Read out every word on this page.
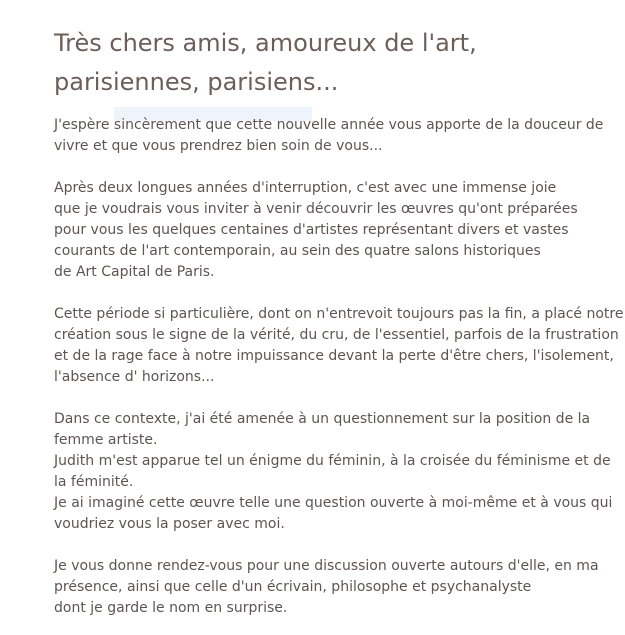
Très chers amis, amoureux de l'art,
parisiennes, parisiens...

J'espère sincèrement que cette nouvelle année vous apporte de la douceur de
vivre et que vous prendrez bien soin de vous...

Après deux longues années d'interruption, c'est avec une immense joie
que je voudrais vous inviter à venir découvrir les œuvres qu'ont préparées
pour vous les quelques centaines d'artistes représentant divers et vastes
courants de l'art contemporain, au sein des quatre salons historiques
de Art Capital de Paris.

Cette période si particulière, dont on n'entrevoit toujours pas la fin, a placé notre
création sous le signe de la vérité, du cru, de l'essentiel, parfois de la frustration
et de la rage face à notre impuissance devant la perte d'être chers, l'isolement,
l'absence d' horizons...

Dans ce contexte, j'ai été amenée à un questionnement sur la position de la
femme artiste.
Judith m'est apparue tel un énigme du féminin, à la croisée du féminisme et de
la féminité.
Je ai imaginé cette œuvre telle une question ouverte à moi-même et à vous qui
voudriez vous la poser avec moi.

Je vous donne rendez-vous pour une discussion ouverte autours d'elle, en ma
présence, ainsi que celle d'un écrivain, philosophe et psychanalyste
dont je garde le nom en surprise.
